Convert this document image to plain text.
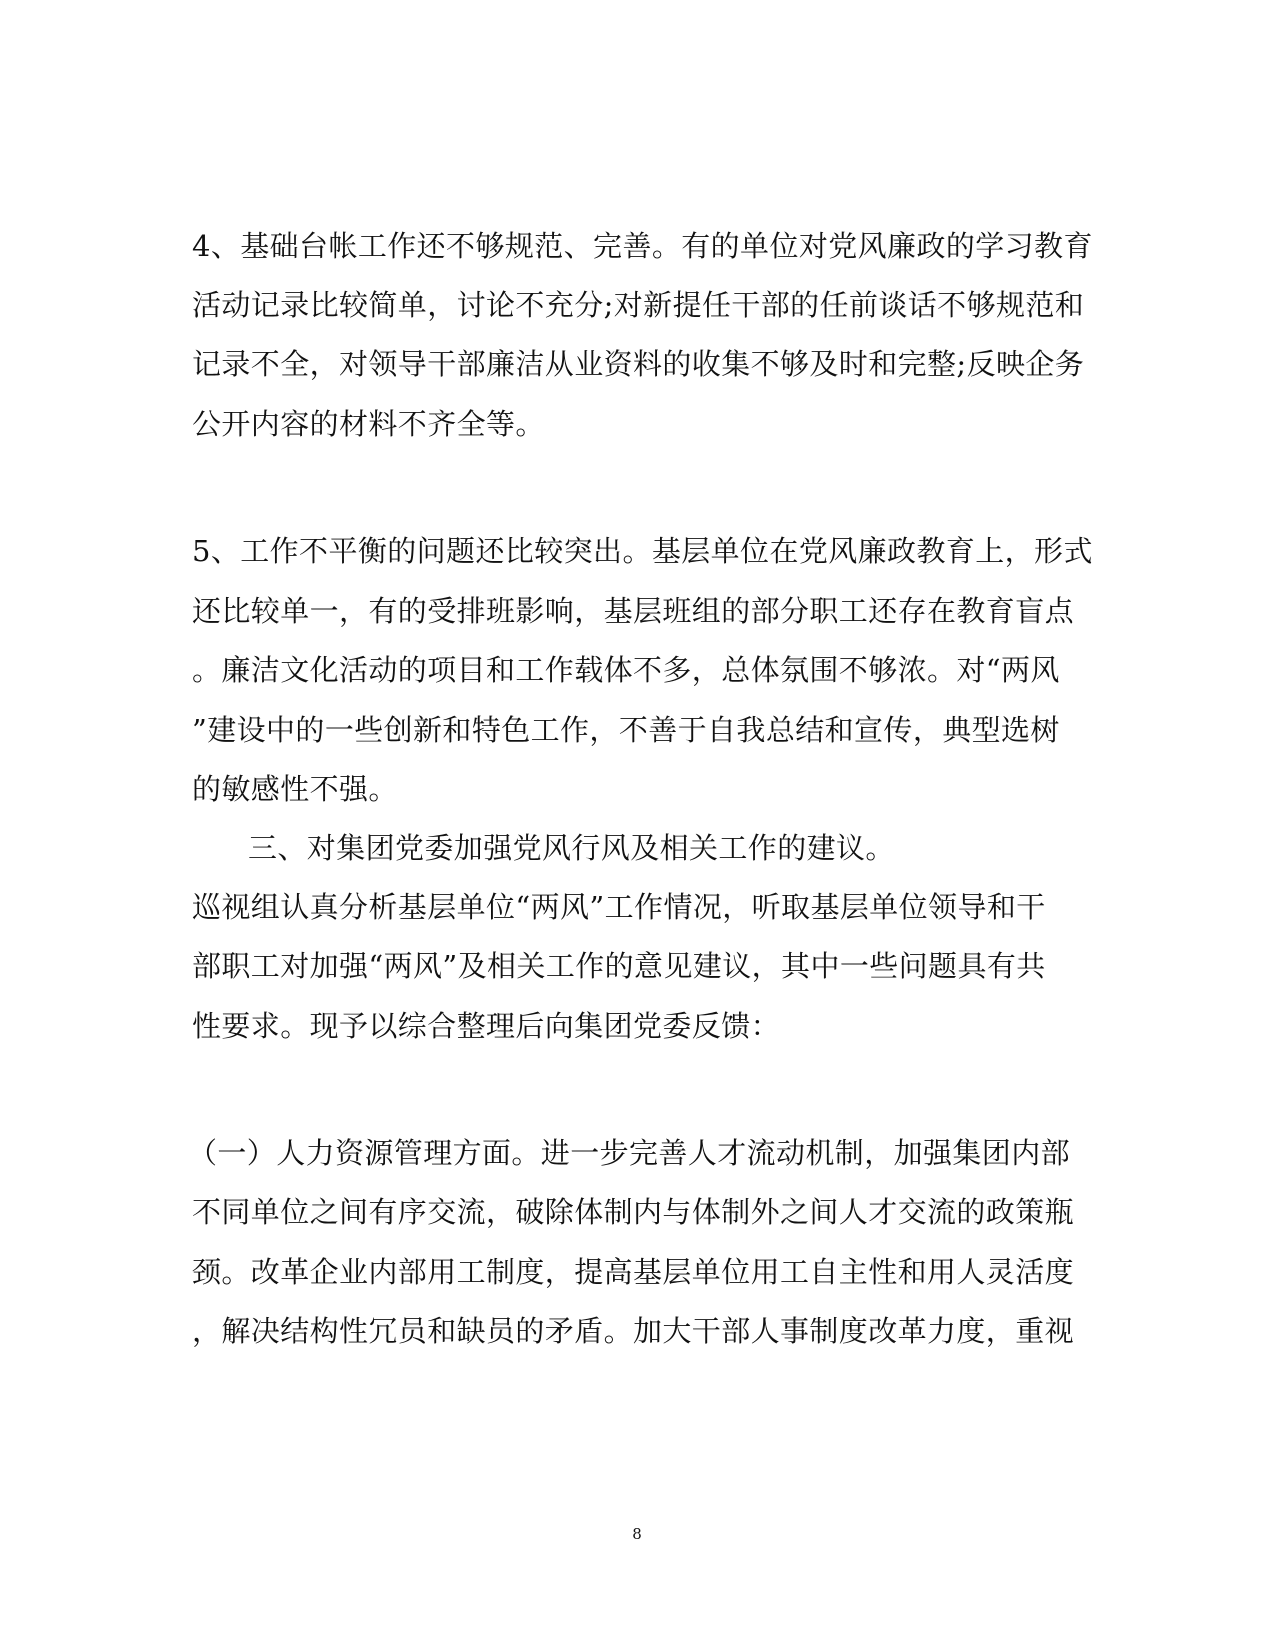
4、基础台帐工作还不够规范、完善。有的单位对党风廉政的学习教育
活动记录比较简单，讨论不充分;对新提任干部的任前谈话不够规范和
记录不全，对领导干部廉洁从业资料的收集不够及时和完整;反映企务
公开内容的材料不齐全等。
5、工作不平衡的问题还比较突出。基层单位在党风廉政教育上，形式
还比较单一，有的受排班影响，基层班组的部分职工还存在教育盲点
。廉洁文化活动的项目和工作载体不多，总体氛围不够浓。对“两风
”建设中的一些创新和特色工作，不善于自我总结和宣传，典型选树
的敏感性不强。
三、对集团党委加强党风行风及相关工作的建议。
巡视组认真分析基层单位“两风”工作情况，听取基层单位领导和干
部职工对加强“两风”及相关工作的意见建议，其中一些问题具有共
性要求。现予以综合整理后向集团党委反馈：
（一）人力资源管理方面。进一步完善人才流动机制，加强集团内部
不同单位之间有序交流，破除体制内与体制外之间人才交流的政策瓶
颈。改革企业内部用工制度，提高基层单位用工自主性和用人灵活度
，解决结构性冗员和缺员的矛盾。加大干部人事制度改革力度，重视
8
